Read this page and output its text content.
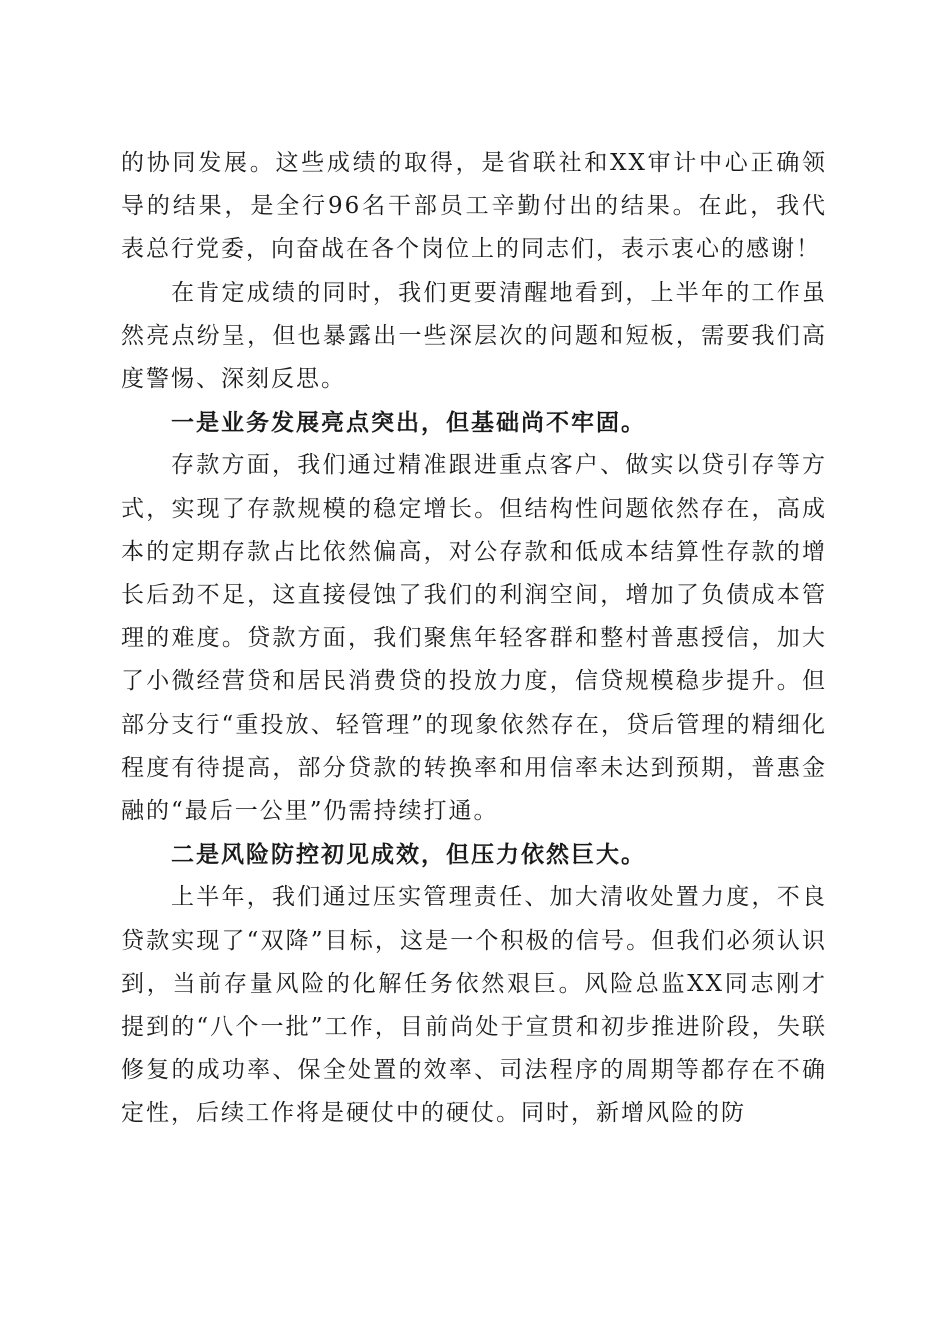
的协同发展。这些成绩的取得，是省联社和XX审计中心正确领导的结果，是全行96名干部员工辛勤付出的结果。在此，我代表总行党委，向奋战在各个岗位上的同志们，表示衷心的感谢！

在肯定成绩的同时，我们更要清醒地看到，上半年的工作虽然亮点纷呈，但也暴露出一些深层次的问题和短板，需要我们高度警惕、深刻反思。

一是业务发展亮点突出，但基础尚不牢固。

存款方面，我们通过精准跟进重点客户、做实以贷引存等方式，实现了存款规模的稳定增长。但结构性问题依然存在，高成本的定期存款占比依然偏高，对公存款和低成本结算性存款的增长后劲不足，这直接侵蚀了我们的利润空间，增加了负债成本管理的难度。贷款方面，我们聚焦年轻客群和整村普惠授信，加大了小微经营贷和居民消费贷的投放力度，信贷规模稳步提升。但部分支行“重投放、轻管理”的现象依然存在，贷后管理的精细化程度有待提高，部分贷款的转换率和用信率未达到预期，普惠金融的“最后一公里”仍需持续打通。

二是风险防控初见成效，但压力依然巨大。

上半年，我们通过压实管理责任、加大清收处置力度，不良贷款实现了“双降”目标，这是一个积极的信号。但我们必须认识到，当前存量风险的化解任务依然艰巨。风险总监XX同志刚才提到的“八个一批”工作，目前尚处于宣贯和初步推进阶段，失联修复的成功率、保全处置的效率、司法程序的周期等都存在不确定性，后续工作将是硬仗中的硬仗。同时，新增风险的防
